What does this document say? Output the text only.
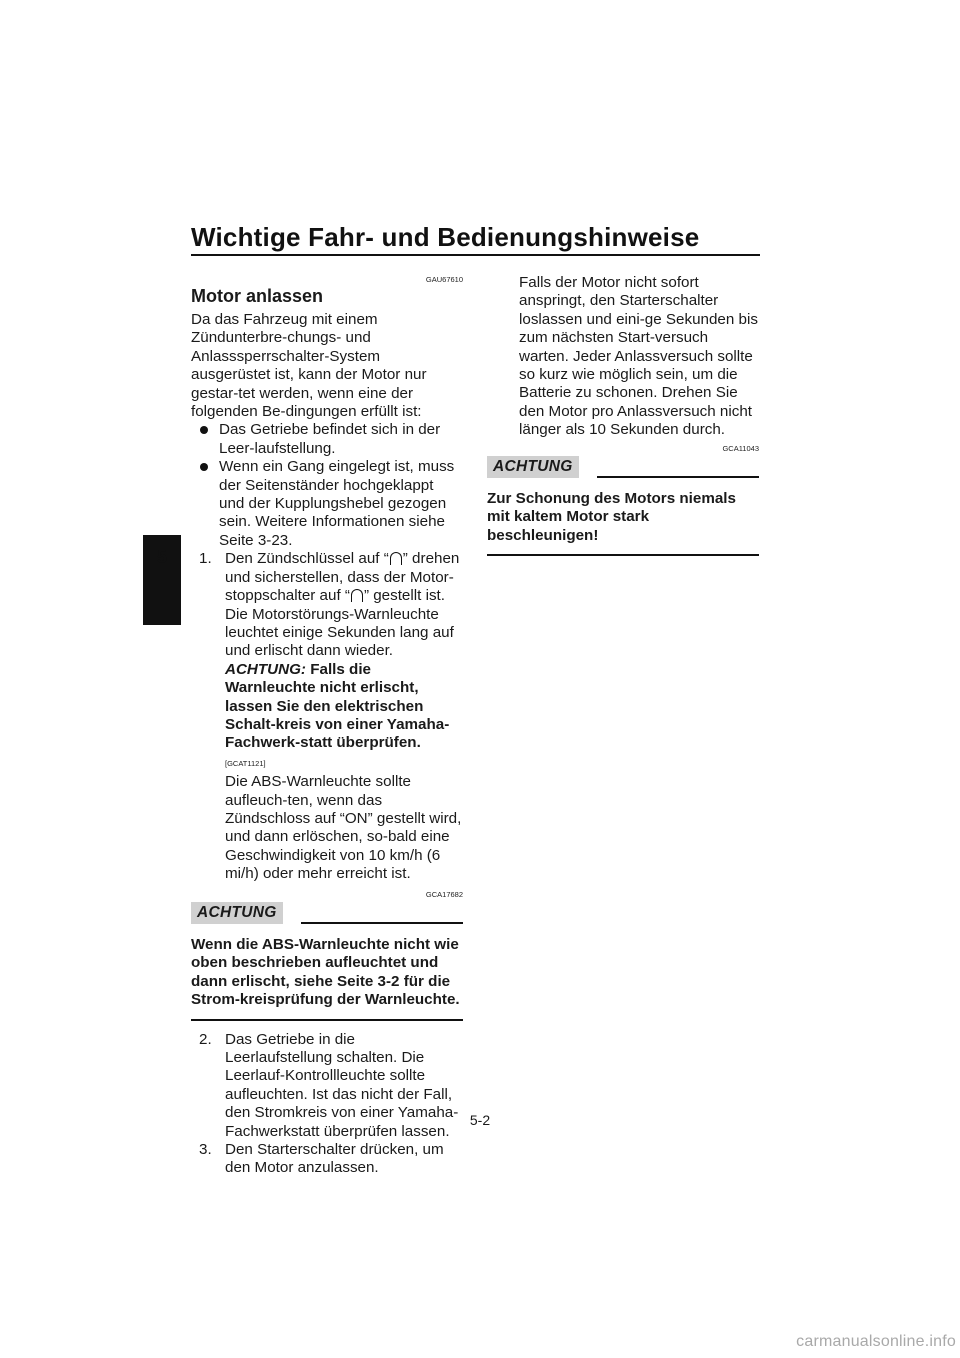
Wichtige Fahr- und Bedienungshinweise
5
GAU67610
Motor anlassen

Da das Fahrzeug mit einem Zündunterbre-chungs- und Anlasssperrschalter-System ausgerüstet ist, kann der Motor nur gestar-tet werden, wenn eine der folgenden Be-dingungen erfüllt ist:

Das Getriebe befindet sich in der Leer-laufstellung.
Wenn ein Gang eingelegt ist, muss der Seitenständer hochgeklappt und der Kupplungshebel gezogen sein. Weitere Informationen siehe Seite 3-23.
1. Den Zündschlüssel auf “ ” drehen und sicherstellen, dass der Motor-stoppschalter auf “ ” gestellt ist. Die Motorstörungs-Warnleuchte leuchtet einige Sekunden lang auf und erlischt dann wieder. ACHTUNG: Falls die Warnleuchte nicht erlischt, lassen Sie den elektrischen Schalt-kreis von einer Yamaha-Fachwerk-statt überprüfen. [GCAT1121]

Die ABS-Warnleuchte sollte aufleuch-ten, wenn das Zündschloss auf “ON” gestellt wird, und dann erlöschen, so-bald eine Geschwindigkeit von 10 km/h (6 mi/h) oder mehr erreicht ist.

GCA17682
ACHTUNG

Wenn die ABS-Warnleuchte nicht wie oben beschrieben aufleuchtet und dann erlischt, siehe Seite 3-2 für die Strom-kreisprüfung der Warnleuchte.

2. Das Getriebe in die Leerlaufstellung schalten. Die Leerlauf-Kontrollleuchte sollte aufleuchten. Ist das nicht der Fall, den Stromkreis von einer Yamaha-Fachwerkstatt überprüfen lassen.
3. Den Starterschalter drücken, um den Motor anzulassen.

Falls der Motor nicht sofort anspringt, den Starterschalter loslassen und eini-ge Sekunden bis zum nächsten Start-versuch warten. Jeder Anlassversuch sollte so kurz wie möglich sein, um die Batterie zu schonen. Drehen Sie den Motor pro Anlassversuch nicht länger als 10 Sekunden durch.

GCA11043
ACHTUNG

Zur Schonung des Motors niemals mit kaltem Motor stark beschleunigen!

5-2
carmanualsonline.info
